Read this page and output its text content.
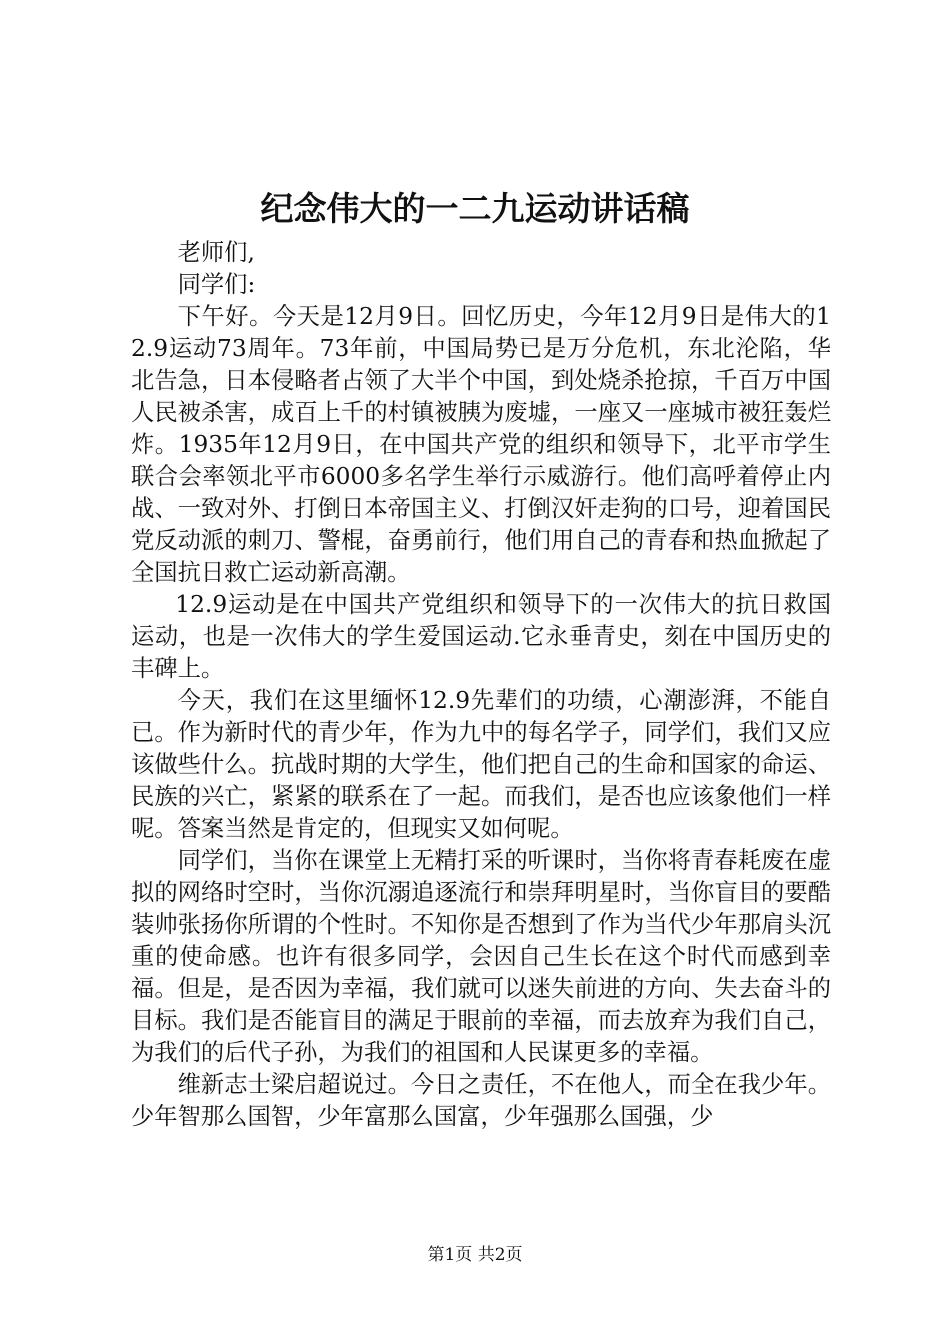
纪念伟大的一二九运动讲话稿

老师们,

同学们:

下午好。今天是12月9日。回忆历史，今年12月9日是伟大的12.9运动73周年。73年前，中国局势已是万分危机，东北沦陷，华北告急，日本侵略者占领了大半个中国，到处烧杀抢掠，千百万中国人民被杀害，成百上千的村镇被胰为废墟，一座又一座城市被狂轰烂炸。1935年12月9日，在中国共产党的组织和领导下，北平市学生联合会率领北平市6000多名学生举行示威游行。他们高呼着停止内战、一致对外、打倒日本帝国主义、打倒汉奸走狗的口号，迎着国民党反动派的刺刀、警棍，奋勇前行，他们用自己的青春和热血掀起了全国抗日救亡运动新高潮。

12.9运动是在中国共产党组织和领导下的一次伟大的抗日救国运动，也是一次伟大的学生爱国运动.它永垂青史，刻在中国历史的丰碑上。

今天，我们在这里缅怀12.9先辈们的功绩，心潮澎湃，不能自已。作为新时代的青少年，作为九中的每名学子，同学们，我们又应该做些什么。抗战时期的大学生，他们把自己的生命和国家的命运、民族的兴亡，紧紧的联系在了一起。而我们，是否也应该象他们一样呢。答案当然是肯定的，但现实又如何呢。

同学们，当你在课堂上无精打采的听课时，当你将青春耗废在虚拟的网络时空时，当你沉溺追逐流行和崇拜明星时，当你盲目的要酷装帅张扬你所谓的个性时。不知你是否想到了作为当代少年那肩头沉重的使命感。也许有很多同学，会因自己生长在这个时代而感到幸福。但是，是否因为幸福，我们就可以迷失前进的方向、失去奋斗的目标。我们是否能盲目的满足于眼前的幸福，而去放弃为我们自己，为我们的后代子孙，为我们的祖国和人民谋更多的幸福。

维新志士梁启超说过。今日之责任，不在他人，而全在我少年。少年智那么国智，少年富那么国富，少年强那么国强，少

第1页 共2页
